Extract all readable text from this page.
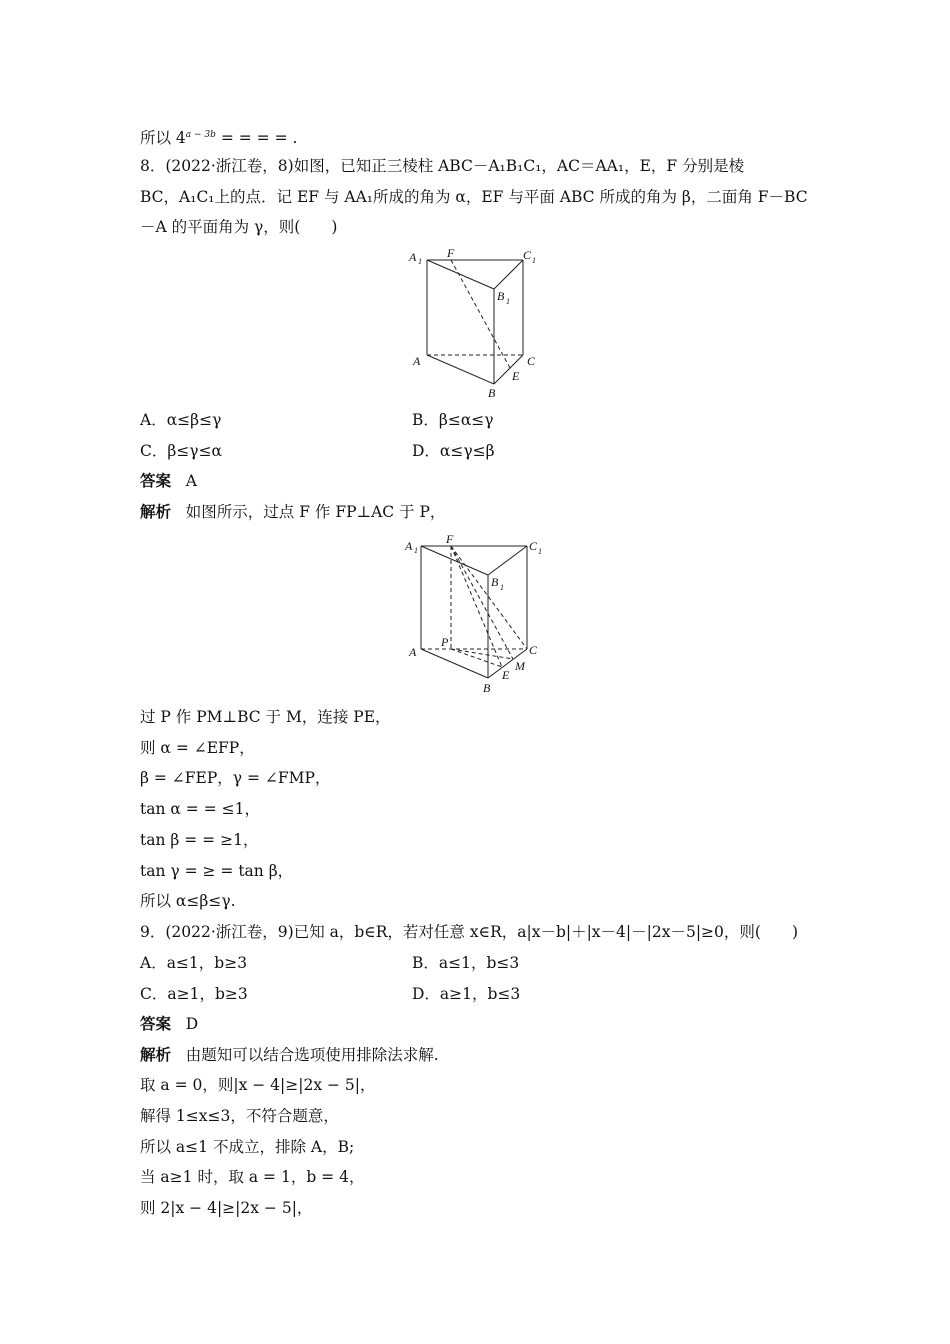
所以 $4^{a - 3b}$ = = = = .
8．(2022·浙江卷，8)如图，已知正三棱柱 ABC－A₁B₁C₁，AC＝AA₁，E，F 分别是棱
BC，A₁C₁上的点．记 EF 与 AA₁所成的角为 α，EF 与平面 ABC 所成的角为 β，二面角 F－BC
－A 的平面角为 γ，则(　　)
A 1
F	C 1
B 1
A	C
E
B
A．α≤β≤γ	B．β≤α≤γ
C．β≤γ≤α	D．α≤γ≤β
答案 A
解析 如图所示，过点 F 作 FP⊥AC 于 P，
A 1
F	C 1
B 1
P
A	C
M
E
B
过 P 作 PM⊥BC 于 M，连接 PE，
则 α = ∠EFP，
β = ∠FEP，γ = ∠FMP，
tan α = = ≤1，
tan β = = ≥1，
tan γ = ≥ = tan β，
所以 α≤β≤γ.
9．(2022·浙江卷，9)已知 a，b∈R，若对任意 x∈R，a|x－b|＋|x－4|－|2x－5|≥0，则(　　)
A．a≤1，b≥3	B．a≤1，b≤3
C．a≥1，b≥3	D．a≥1，b≤3
答案 D
解析 由题知可以结合选项使用排除法求解.
取 a = 0，则|x − 4|≥|2x − 5|，
解得 1≤x≤3，不符合题意，
所以 a≤1 不成立，排除 A，B;
当 a≥1 时，取 a = 1，b = 4，
则 2|x − 4|≥|2x − 5|，
